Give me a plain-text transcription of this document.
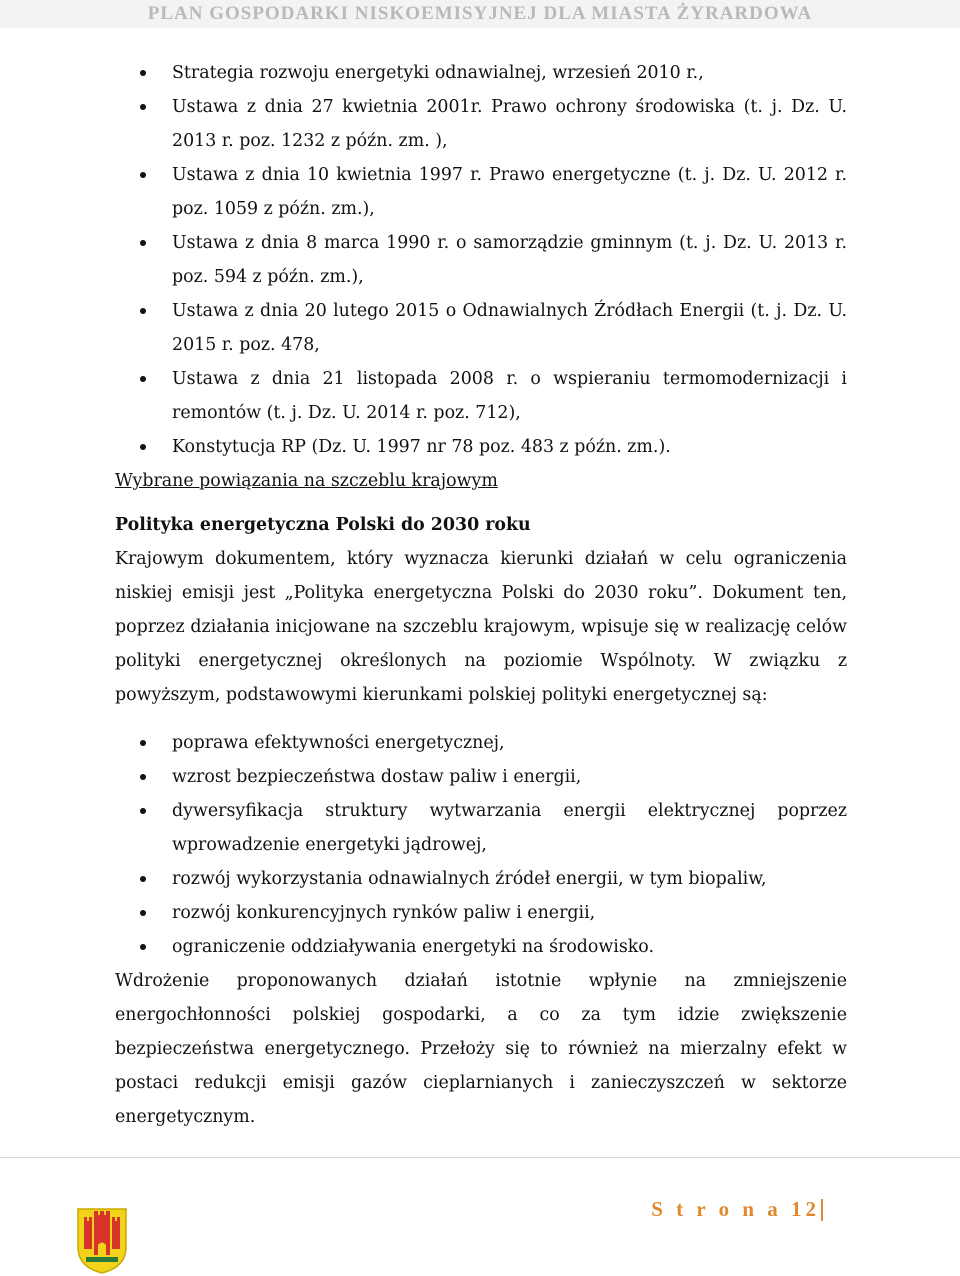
PLAN GOSPODARKI NISKOEMISYJNEJ DLA MIASTA ŻYRARDOWA
Strategia rozwoju energetyki odnawialnej, wrzesień 2010 r.,
Ustawa z dnia 27 kwietnia 2001r. Prawo ochrony środowiska (t. j. Dz. U. 2013 r. poz. 1232 z późn. zm. ),
Ustawa z dnia 10 kwietnia 1997 r. Prawo energetyczne (t. j. Dz. U. 2012 r. poz. 1059 z późn. zm.),
Ustawa z dnia 8 marca 1990 r. o samorządzie gminnym (t. j. Dz. U. 2013 r. poz. 594 z późn. zm.),
Ustawa z dnia 20 lutego 2015 o Odnawialnych Źródłach Energii (t. j. Dz. U. 2015 r. poz. 478,
Ustawa z dnia 21 listopada 2008 r. o wspieraniu termomodernizacji i remontów (t. j. Dz. U. 2014 r. poz. 712),
Konstytucja RP (Dz. U. 1997 nr 78 poz. 483 z późn. zm.).

Wybrane powiązania na szczeblu krajowym

Polityka energetyczna Polski do 2030 roku

Krajowym dokumentem, który wyznacza kierunki działań w celu ograniczenia niskiej emisji jest „Polityka energetyczna Polski do 2030 roku”. Dokument ten, poprzez działania inicjowane na szczeblu krajowym, wpisuje się w realizację celów polityki energetycznej określonych na poziomie Wspólnoty. W związku z powyższym, podstawowymi kierunkami polskiej polityki energetycznej są:

poprawa efektywności energetycznej,
wzrost bezpieczeństwa dostaw paliw i energii,
dywersyfikacja struktury wytwarzania energii elektrycznej poprzez wprowadzenie energetyki jądrowej,
rozwój wykorzystania odnawialnych źródeł energii, w tym biopaliw,
rozwój konkurencyjnych rynków paliw i energii,
ograniczenie oddziaływania energetyki na środowisko.

Wdrożenie proponowanych działań istotnie wpłynie na zmniejszenie energochłonności polskiej gospodarki, a co za tym idzie zwiększenie bezpieczeństwa energetycznego. Przełoży się to również na mierzalny efekt w postaci redukcji emisji gazów cieplarnianych i zanieczyszczeń w sektorze energetycznym.

S t r o n a 12
